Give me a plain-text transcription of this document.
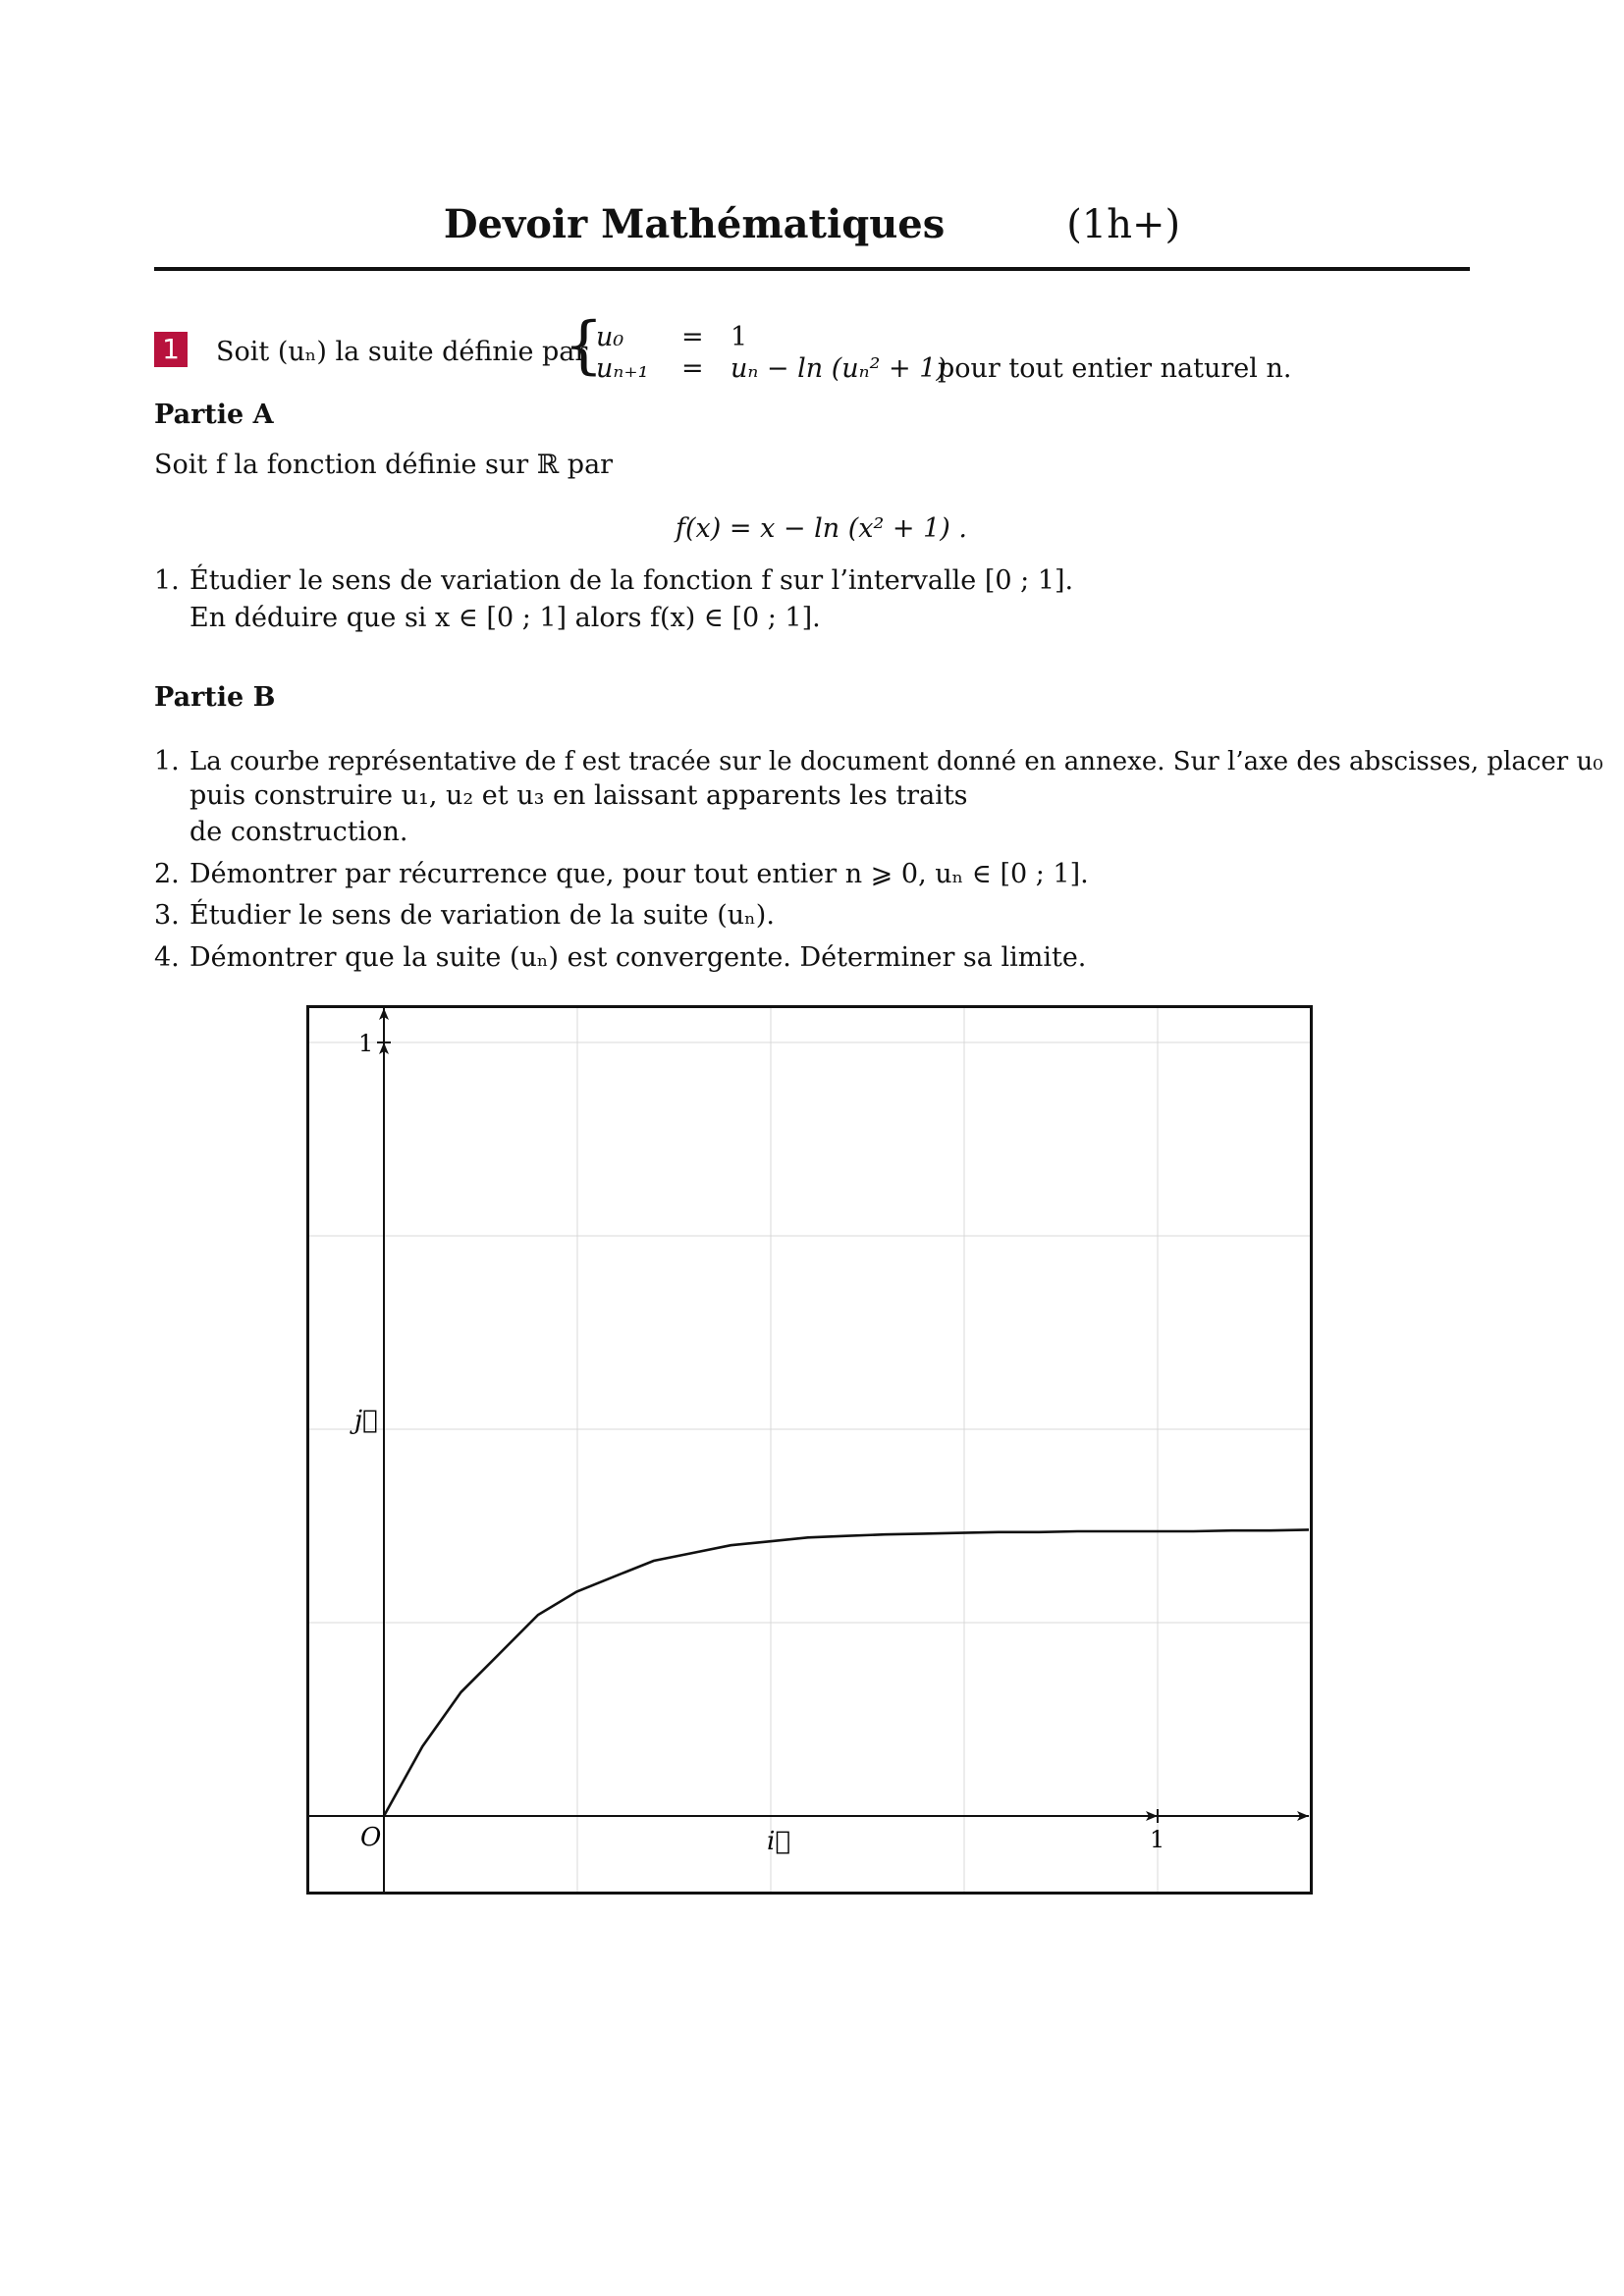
Devoir Mathématiques	(1h+)
1 Soit (uₙ) la suite définie par
{
u₀ = 1
uₙ₊₁ = uₙ − ln (uₙ² + 1)
pour tout entier naturel n.
Partie A
Soit f la fonction définie sur ℝ par
f(x) = x − ln (x² + 1) .
1. Étudier le sens de variation de la fonction f sur l’intervalle [0 ; 1].
En déduire que si x ∈ [0 ; 1] alors f(x) ∈ [0 ; 1].
Partie B
1. La courbe représentative de f est tracée sur le document donné en annexe. Sur l’axe des abscisses, placer u₀
puis construire u₁, u₂ et u₃ en laissant apparents les traits
de construction.
2. Démontrer par récurrence que, pour tout entier n ⩾ 0, uₙ ∈ [0 ; 1].
3. Étudier le sens de variation de la suite (uₙ).
4. Démontrer que la suite (uₙ) est convergente. Déterminer sa limite.
O	1
1
i⃗
j⃗
